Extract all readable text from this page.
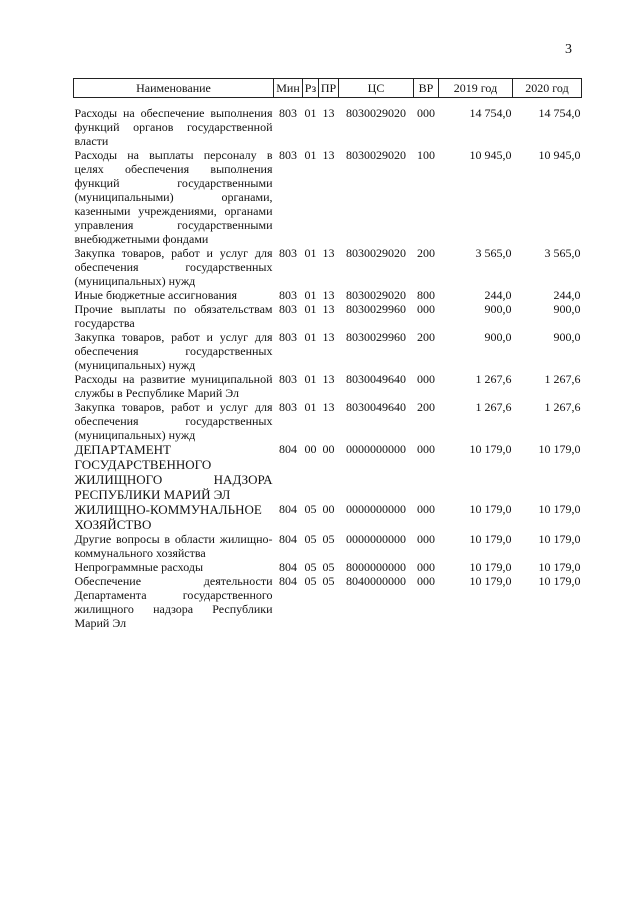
3
Наименование	Мин	Рз	ПР	ЦС	ВР	2019 год	2020 год

Расходы на обеспечение выполнения функций органов государственной власти	803	01	13	8030029020	000	14 754,0	14 754,0
Расходы на выплаты персоналу в целях обеспечения выполнения функций государственными (муниципальными) органами, казенными учреждениями, органами управления государственными внебюджетными фондами	803	01	13	8030029020	100	10 945,0	10 945,0
Закупка товаров, работ и услуг для обеспечения государственных (муниципальных) нужд	803	01	13	8030029020	200	3 565,0	3 565,0
Иные бюджетные ассигнования	803	01	13	8030029020	800	244,0	244,0
Прочие выплаты по обязательствам государства	803	01	13	8030029960	000	900,0	900,0
Закупка товаров, работ и услуг для обеспечения государственных (муниципальных) нужд	803	01	13	8030029960	200	900,0	900,0
Расходы на развитие муниципальной службы в Республике Марий Эл	803	01	13	8030049640	000	1 267,6	1 267,6
Закупка товаров, работ и услуг для обеспечения государственных (муниципальных) нужд	803	01	13	8030049640	200	1 267,6	1 267,6
ДЕПАРТАМЕНТ ГОСУДАРСТВЕННОГО ЖИЛИЩНОГО НАДЗОРА РЕСПУБЛИКИ МАРИЙ ЭЛ	804	00	00	0000000000	000	10 179,0	10 179,0
ЖИЛИЩНО-КОММУНАЛЬНОЕ ХОЗЯЙСТВО	804	05	00	0000000000	000	10 179,0	10 179,0
Другие вопросы в области жилищно-коммунального хозяйства	804	05	05	0000000000	000	10 179,0	10 179,0
Непрограммные расходы	804	05	05	8000000000	000	10 179,0	10 179,0
Обеспечение деятельности Департамента государственного жилищного надзора Республики Марий Эл	804	05	05	8040000000	000	10 179,0	10 179,0
